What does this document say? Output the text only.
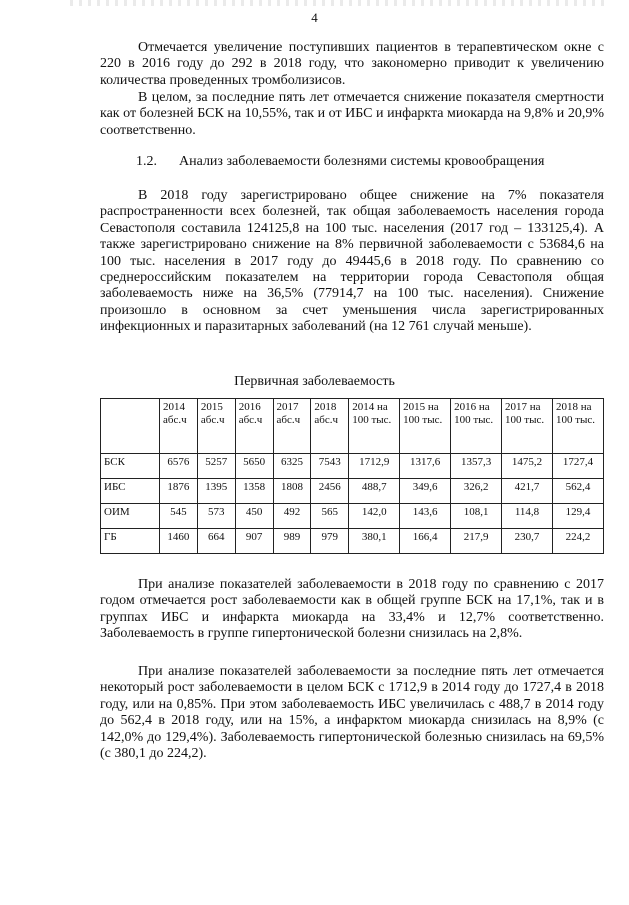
4

Отмечается увеличение поступивших пациентов в терапевтическом окне с 220 в 2016 году до 292 в 2018 году, что закономерно приводит к увеличению количества проведенных тромболизисов.

В целом, за последние пять лет отмечается снижение показателя смертности как от болезней БСК на 10,55%, так и от ИБС и инфаркта миокарда на 9,8% и 20,9% соответственно.

1.2. Анализ заболеваемости болезнями системы кровообращения

В 2018 году зарегистрировано общее снижение на 7% показателя распространенности всех болезней, так общая заболеваемость населения города Севастополя составила 124125,8 на 100 тыс. населения (2017 год – 133125,4). А также зарегистрировано снижение на 8% первичной заболеваемости с 53684,6 на 100 тыс. населения в 2017 году до 49445,6 в 2018 году. По сравнению со среднероссийским показателем на территории города Севастополя общая заболеваемость ниже на 36,5% (77914,7 на 100 тыс. населения). Снижение произошло в основном за счет уменьшения числа зарегистрированных инфекционных и паразитарных заболеваний (на 12 761 случай меньше).

Первичная заболеваемость
	2014 абс.ч	2015 абс.ч	2016 абс.ч	2017 абс.ч	2018 абс.ч	2014 на 100 тыс.	2015 на 100 тыс.	2016 на 100 тыс.	2017 на 100 тыс.	2018 на 100 тыс.
БСК	6576	5257	5650	6325	7543	1712,9	1317,6	1357,3	1475,2	1727,4
ИБС	1876	1395	1358	1808	2456	488,7	349,6	326,2	421,7	562,4
ОИМ	545	573	450	492	565	142,0	143,6	108,1	114,8	129,4
ГБ	1460	664	907	989	979	380,1	166,4	217,9	230,7	224,2

При анализе показателей заболеваемости в 2018 году по сравнению с 2017 годом отмечается рост заболеваемости как в общей группе БСК на 17,1%, так и в группах ИБС и инфаркта миокарда на 33,4% и 12,7% соответственно. Заболеваемость в группе гипертонической болезни снизилась на 2,8%.

При анализе показателей заболеваемости за последние пять лет отмечается некоторый рост заболеваемости в целом БСК с 1712,9 в 2014 году до 1727,4 в 2018 году, или на 0,85%. При этом заболеваемость ИБС увеличилась с 488,7 в 2014 году до 562,4 в 2018 году, или на 15%, а инфарктом миокарда снизилась на 8,9% (с 142,0% до 129,4%). Заболеваемость гипертонической болезнью снизилась на 69,5% (с 380,1 до 224,2).
